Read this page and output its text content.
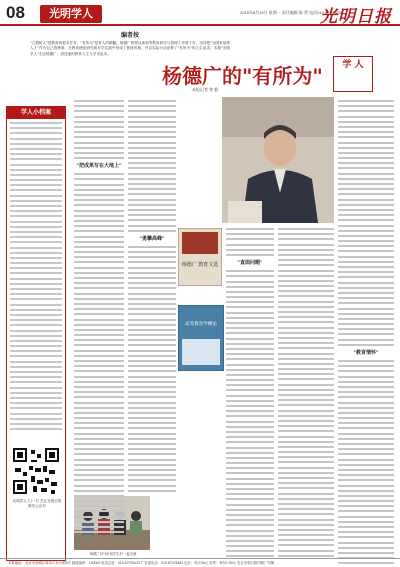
08	光明学人	2016年8月15日 星期一 责任编辑 陈 哲 电话010-67078258
光明日报
编者按
"立德树人"是教育的根本任务，"有所为"是育人的精髓。杨德广教授从事高等教育研究与管理工作数十年，坚持把"为国家培养人才"作为自己的使命，在教育理论研究和办学实践中形成了独特风格，并以实际行动诠释了"有所为"的人生追求。本期"光明学人"走近杨德广，讲述他的教育人生与学术追求。
学人小档案
光明学人 扫一扫 关注光明日报 微信公众号
杨德广的"有所为"
本报记者 曾 毅
学 人
杨德广 教育文选
高等教育学概论
杨德广(中)在和学生们一起交流
"把成果写在大地上"
"勇攀高峰"
"直面问题"
"教育情怀"
本报地址：北京市西城区珠市口东大街5号 邮政编码：100062 电话总机：010-67078123 广告部电话：010-67078452 定价：每月36元 零售：每份1.50元 北京光明日报印刷厂印刷
